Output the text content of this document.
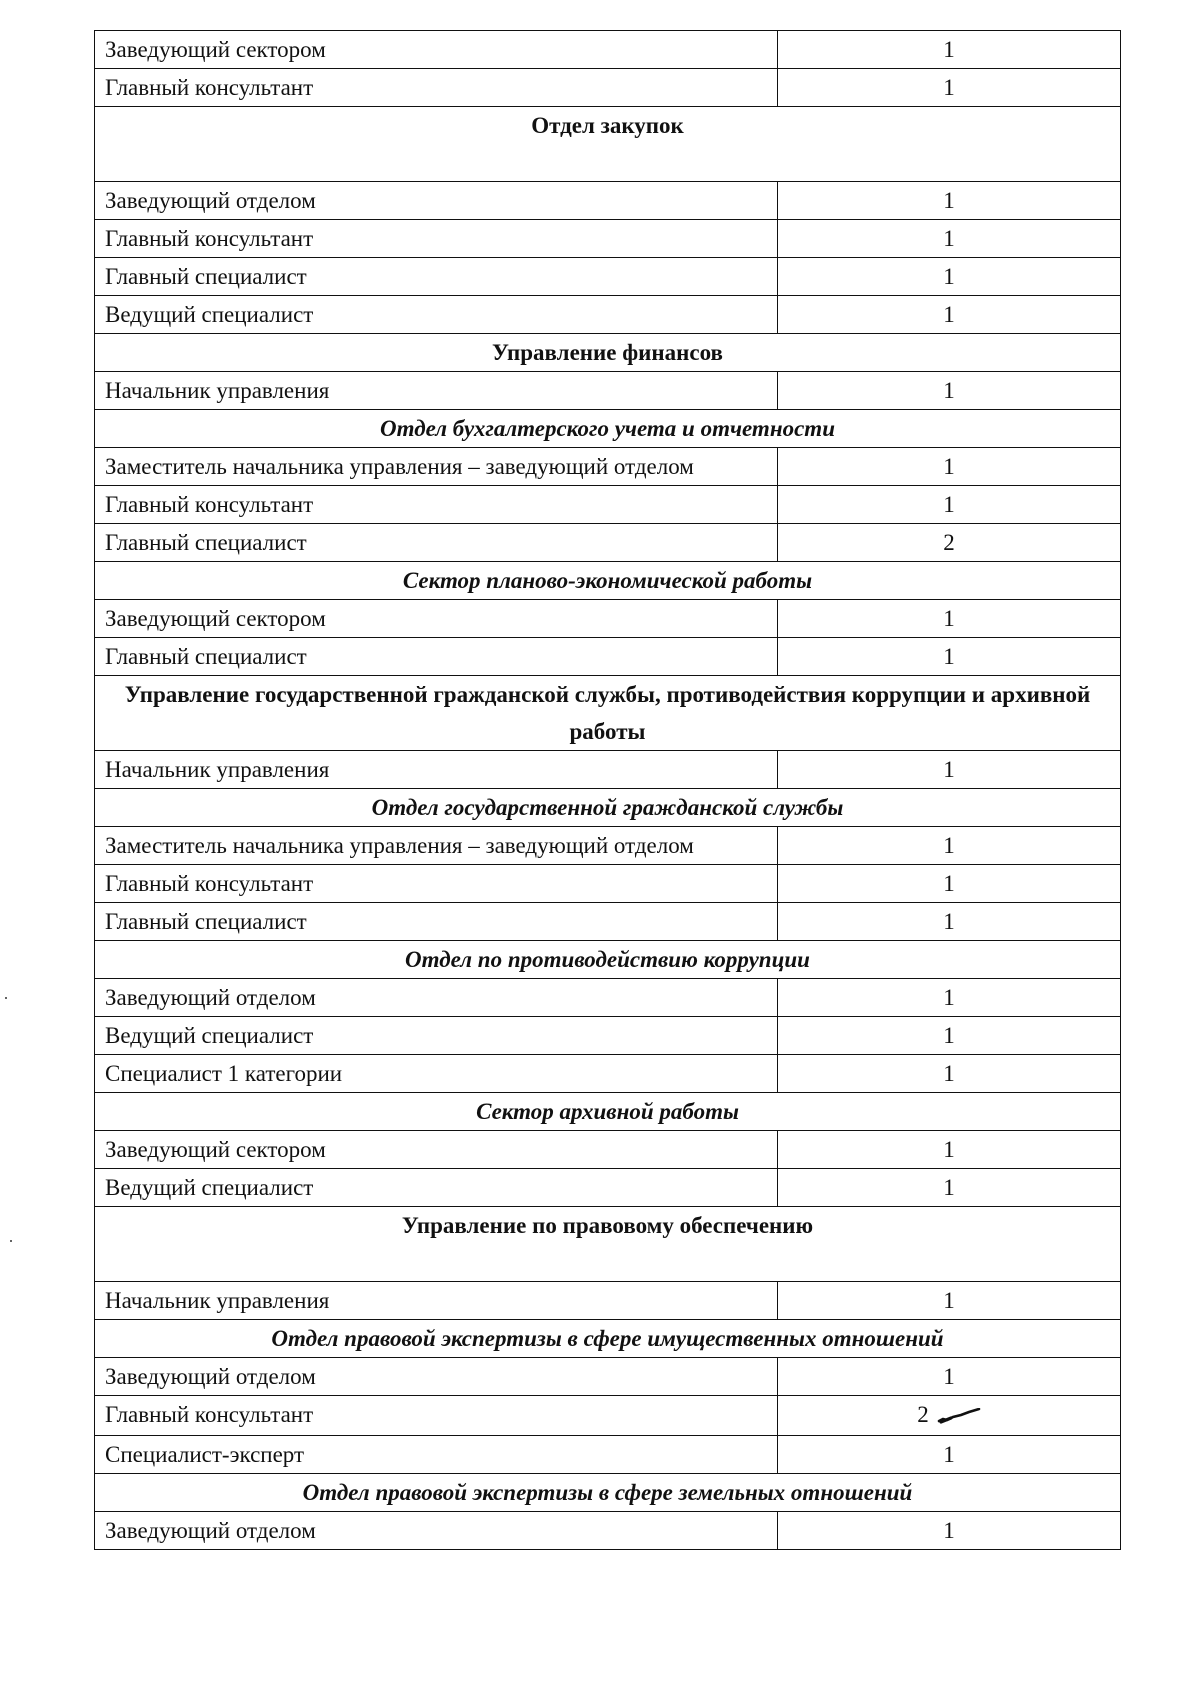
Заведующий сектором	1
Главный консультант	1
Отдел закупок	
Заведующий отделом	1
Главный консультант	1
Главный специалист	1
Ведущий специалист	1
Управление финансов	
Начальник управления	1
Отдел бухгалтерского учета и отчетности	
Заместитель начальника управления – заведующий отделом	1
Главный консультант	1
Главный специалист	2
Сектор планово-экономической работы	
Заведующий сектором	1
Главный специалист	1
Управление государственной гражданской службы, противодействия коррупции и архивной работы	
Начальник управления	1
Отдел государственной гражданской службы	
Заместитель начальника управления – заведующий отделом	1
Главный консультант	1
Главный специалист	1
Отдел по противодействию коррупции	
Заведующий отделом	1
Ведущий специалист	1
Специалист 1 категории	1
Сектор архивной работы	
Заведующий сектором	1
Ведущий специалист	1
Управление по правовому обеспечению	
Начальник управления	1
Отдел правовой экспертизы в сфере имущественных отношений	
Заведующий отделом	1
Главный консультант	2
Специалист-эксперт	1
Отдел правовой экспертизы в сфере земельных отношений	
Заведующий отделом	1
